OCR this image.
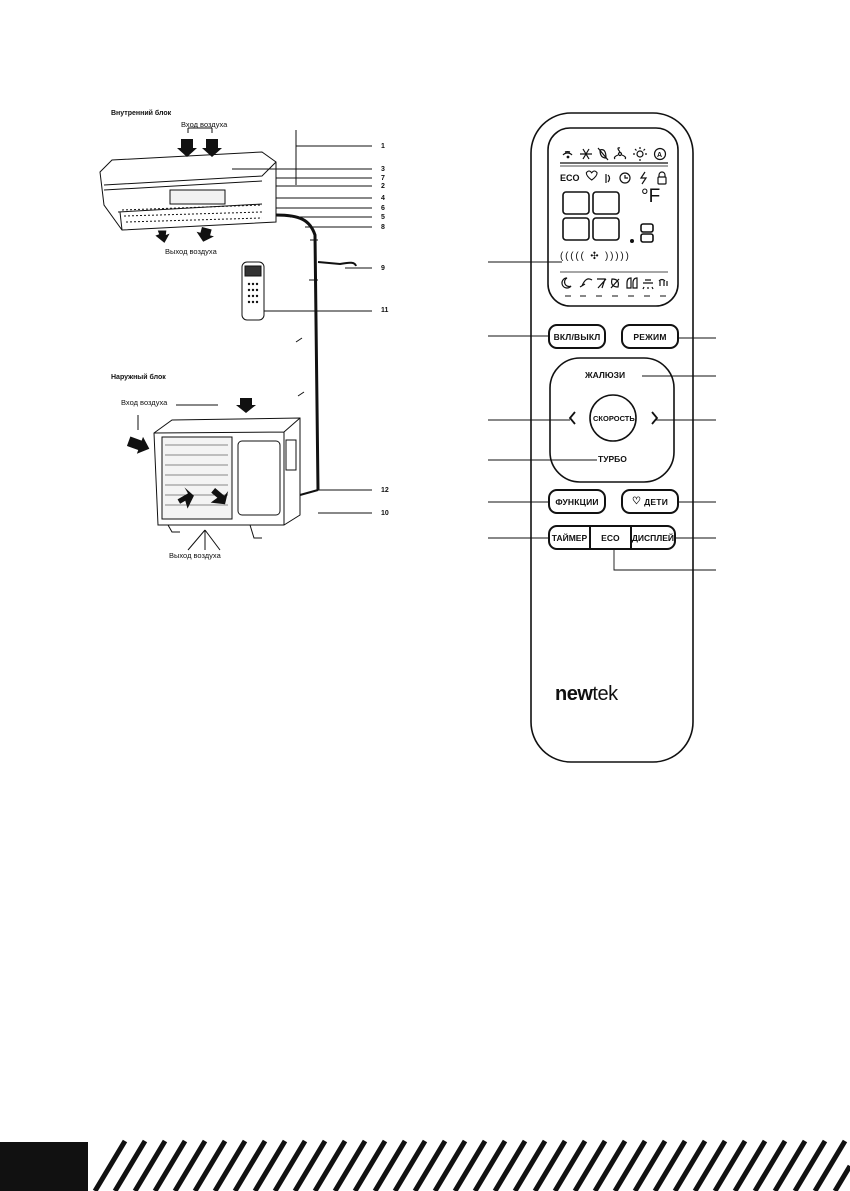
Внутренний блок
Вход воздуха
Выход воздуха
Наружный блок
Вход воздуха
Выход воздуха
1
3
7
2
4
6
5
8
9
11
12
10
A
ECO
°F
((((( ✣ )))))
ВКЛ/ВЫКЛ	РЕЖИМ
ЖАЛЮЗИ
СКОРОСТЬ
ТУРБО
ФУНКЦИИ	♡ ДЕТИ
ТАЙМЕР	ECO	ДИСПЛЕЙ
newtek
